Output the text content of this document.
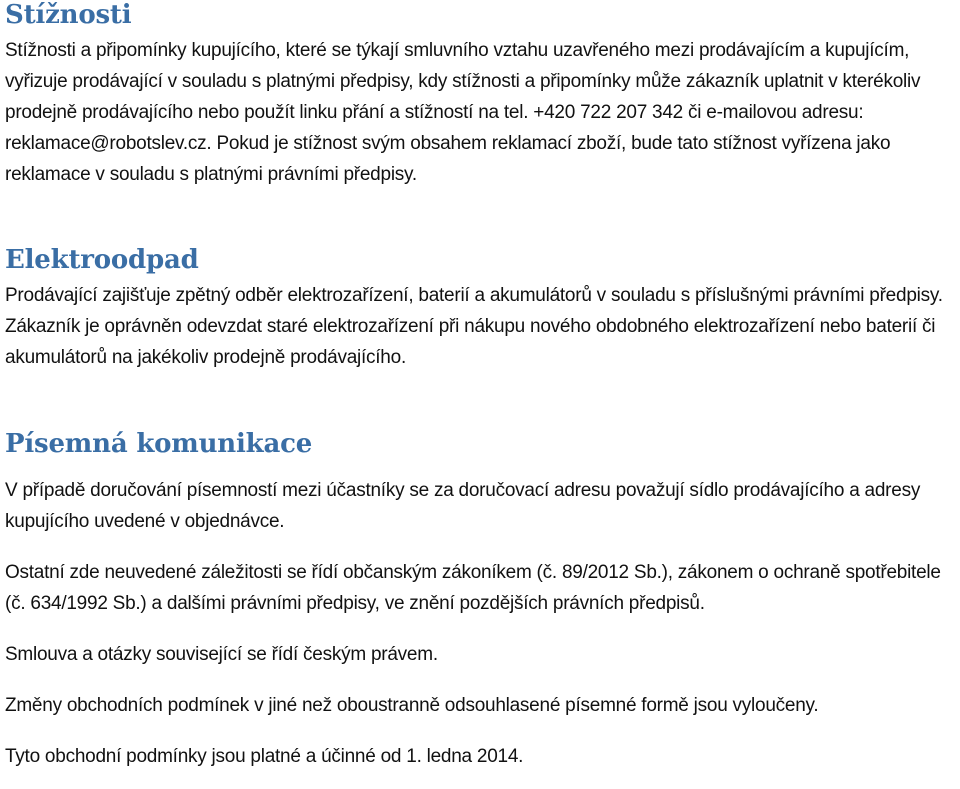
Stížnosti

Stížnosti a připomínky kupujícího, které se týkají smluvního vztahu uzavřeného mezi prodávajícím a kupujícím, vyřizuje prodávající v souladu s platnými předpisy, kdy stížnosti a připomínky může zákazník uplatnit v kterékoliv prodejně prodávajícího nebo použít linku přání a stížností na tel. +420 722 207 342 či e-mailovou adresu: reklamace@robotslev.cz. Pokud je stížnost svým obsahem reklamací zboží, bude tato stížnost vyřízena jako reklamace v souladu s platnými právními předpisy.

Elektroodpad

Prodávající zajišťuje zpětný odběr elektrozařízení, baterií a akumulátorů v souladu s příslušnými právními předpisy. Zákazník je oprávněn odevzdat staré elektrozařízení při nákupu nového obdobného elektrozařízení nebo baterií či akumulátorů na jakékoliv prodejně prodávajícího.

Písemná komunikace

V případě doručování písemností mezi účastníky se za doručovací adresu považují sídlo prodávajícího a adresy kupujícího uvedené v objednávce.

Ostatní zde neuvedené záležitosti se řídí občanským zákoníkem (č. 89/2012 Sb.), zákonem o ochraně spotřebitele (č. 634/1992 Sb.) a dalšími právními předpisy, ve znění pozdějších právních předpisů.

Smlouva a otázky související se řídí českým právem.

Změny obchodních podmínek v jiné než oboustranně odsouhlasené písemné formě jsou vyloučeny.

Tyto obchodní podmínky jsou platné a účinné od 1. ledna 2014.
